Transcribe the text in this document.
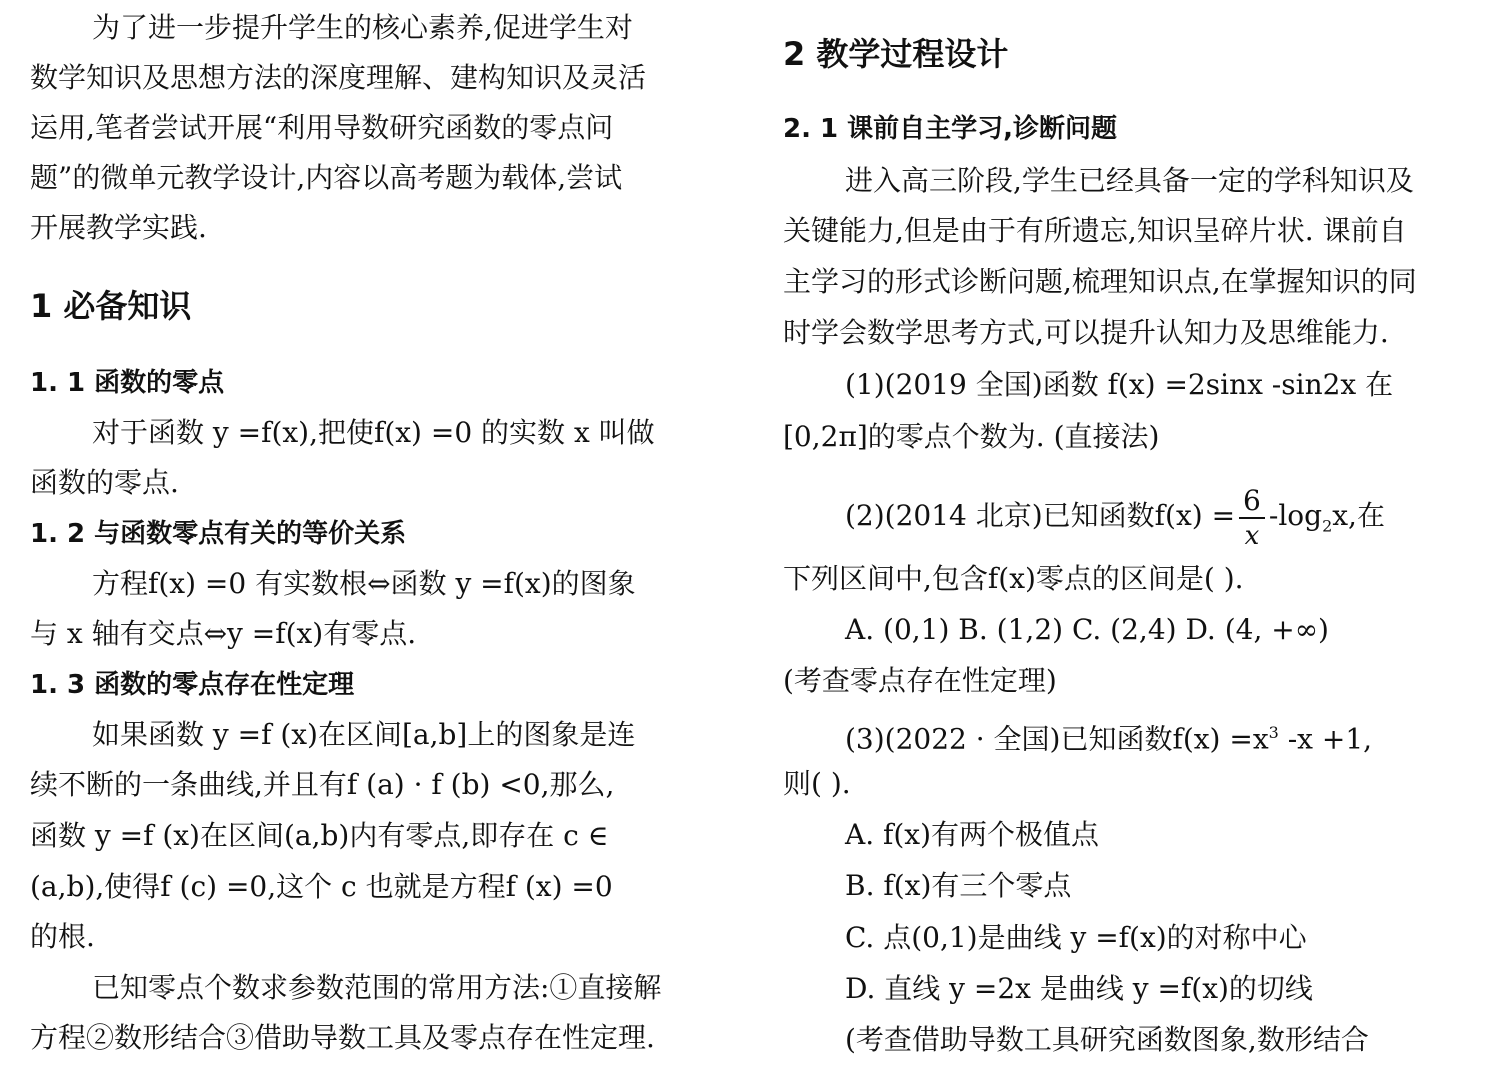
为了进一步提升学生的核心素养,促进学生对
数学知识及思想方法的深度理解、建构知识及灵活
运用,笔者尝试开展“利用导数研究函数的零点问
题”的微单元教学设计,内容以高考题为载体,尝试
开展教学实践.
1 必备知识
1. 1 函数的零点
对于函数 y =f(x),把使f(x) =0 的实数 x 叫做
函数的零点.
1. 2 与函数零点有关的等价关系
方程f(x) =0 有实数根⇔函数 y =f(x)的图象
与 x 轴有交点⇔y =f(x)有零点.
1. 3 函数的零点存在性定理
如果函数 y =f (x)在区间[a,b]上的图象是连
续不断的一条曲线,并且有f (a) · f (b) <0,那么,
函数 y =f (x)在区间(a,b)内有零点,即存在 c ∈
(a,b),使得f (c) =0,这个 c 也就是方程f (x) =0
的根.
已知零点个数求参数范围的常用方法:①直接解
方程②数形结合③借助导数工具及零点存在性定理.
2 教学过程设计
2. 1 课前自主学习,诊断问题
进入高三阶段,学生已经具备一定的学科知识及
关键能力,但是由于有所遗忘,知识呈碎片状. 课前自
主学习的形式诊断问题,梳理知识点,在掌握知识的同
时学会数学思考方式,可以提升认知力及思维能力.
(1)(2019 全国)函数 f(x) =2sinx -sin2x 在
[0,2π]的零点个数为. (直接法)
(2)(2014 北京)已知函数$f(x) = \frac{6}{x} -\log_2x$,在
下列区间中,包含f(x)零点的区间是( ).
A. (0,1) B. (1,2) C. (2,4) D. (4, +∞)
(考查零点存在性定理)
(3)(2022 · 全国)已知函数$f(x) =x^3$ -x +1,
则( ).
A. f(x)有两个极值点
B. f(x)有三个零点
C. 点(0,1)是曲线 y =f(x)的对称中心
D. 直线 y =2x 是曲线 y =f(x)的切线
(考查借助导数工具研究函数图象,数形结合
